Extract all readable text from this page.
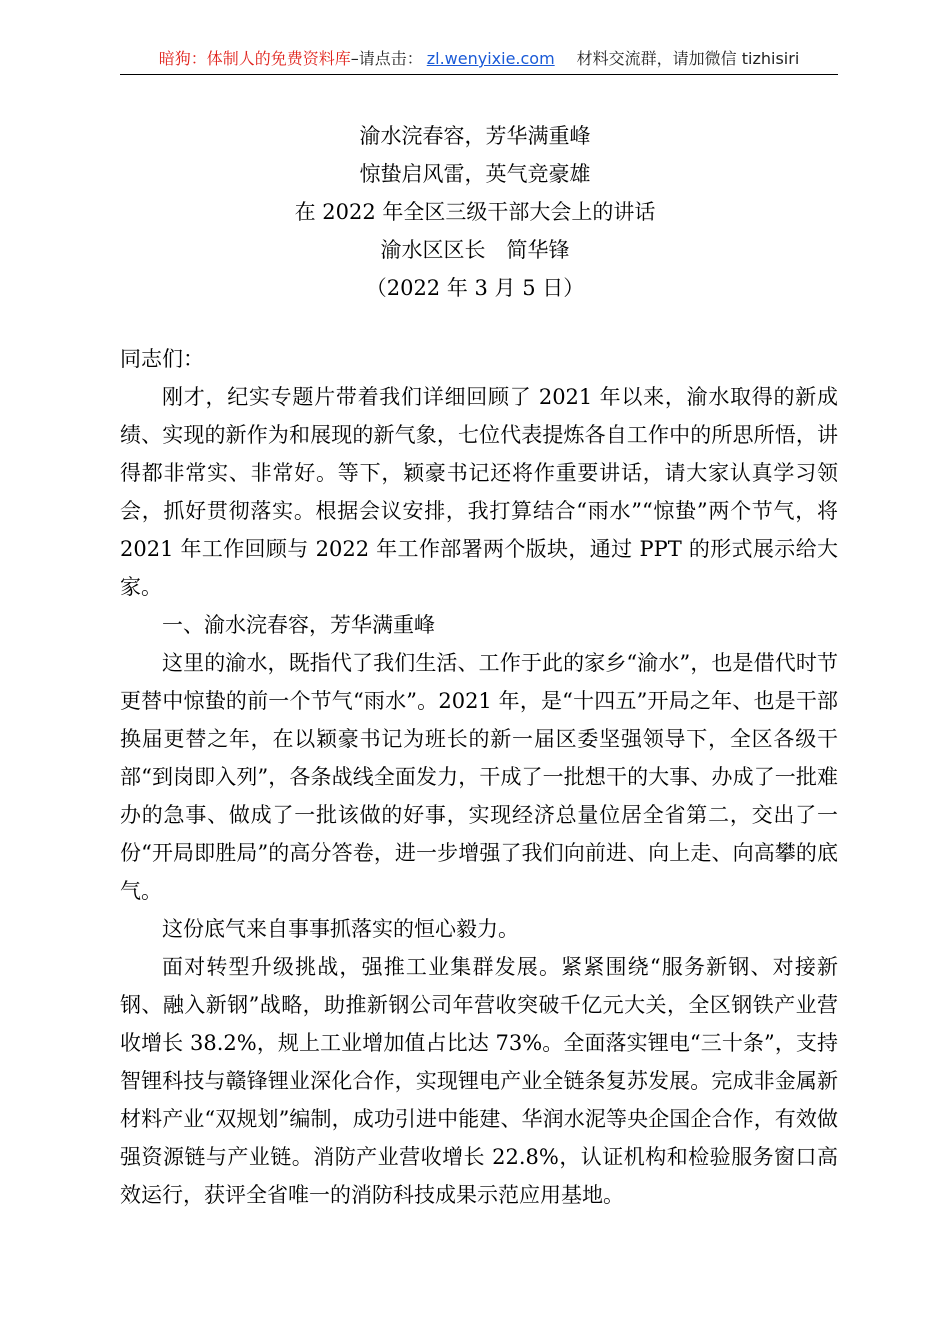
暗狗：体制人的免费资料库–请点击： zl.wenyixie.com 材料交流群，请加微信 tizhisiri
渝水浣春容，芳华满重峰
惊蛰启风雷，英气竞豪雄
在 2022 年全区三级干部大会上的讲话
渝水区区长　简华锋
（2022 年 3 月 5 日）

同志们：

刚才，纪实专题片带着我们详细回顾了 2021 年以来，渝水取得的新成绩、实现的新作为和展现的新气象，七位代表提炼各自工作中的所思所悟，讲得都非常实、非常好。等下，颖豪书记还将作重要讲话，请大家认真学习领会，抓好贯彻落实。根据会议安排，我打算结合“雨水”“惊蛰”两个节气，将 2021 年工作回顾与 2022 年工作部署两个版块，通过 PPT 的形式展示给大家。

一、渝水浣春容，芳华满重峰

这里的渝水，既指代了我们生活、工作于此的家乡“渝水”，也是借代时节更替中惊蛰的前一个节气“雨水”。2021 年，是“十四五”开局之年、也是干部换届更替之年，在以颖豪书记为班长的新一届区委坚强领导下，全区各级干部“到岗即入列”，各条战线全面发力，干成了一批想干的大事、办成了一批难办的急事、做成了一批该做的好事，实现经济总量位居全省第二，交出了一份“开局即胜局”的高分答卷，进一步增强了我们向前进、向上走、向高攀的底气。

这份底气来自事事抓落实的恒心毅力。

面对转型升级挑战，强推工业集群发展。紧紧围绕“服务新钢、对接新钢、融入新钢”战略，助推新钢公司年营收突破千亿元大关，全区钢铁产业营收增长 38.2%，规上工业增加值占比达 73%。全面落实锂电“三十条”，支持智锂科技与赣锋锂业深化合作，实现锂电产业全链条复苏发展。完成非金属新材料产业“双规划”编制，成功引进中能建、华润水泥等央企国企合作，有效做强资源链与产业链。消防产业营收增长 22.8%，认证机构和检验服务窗口高效运行，获评全省唯一的消防科技成果示范应用基地。
